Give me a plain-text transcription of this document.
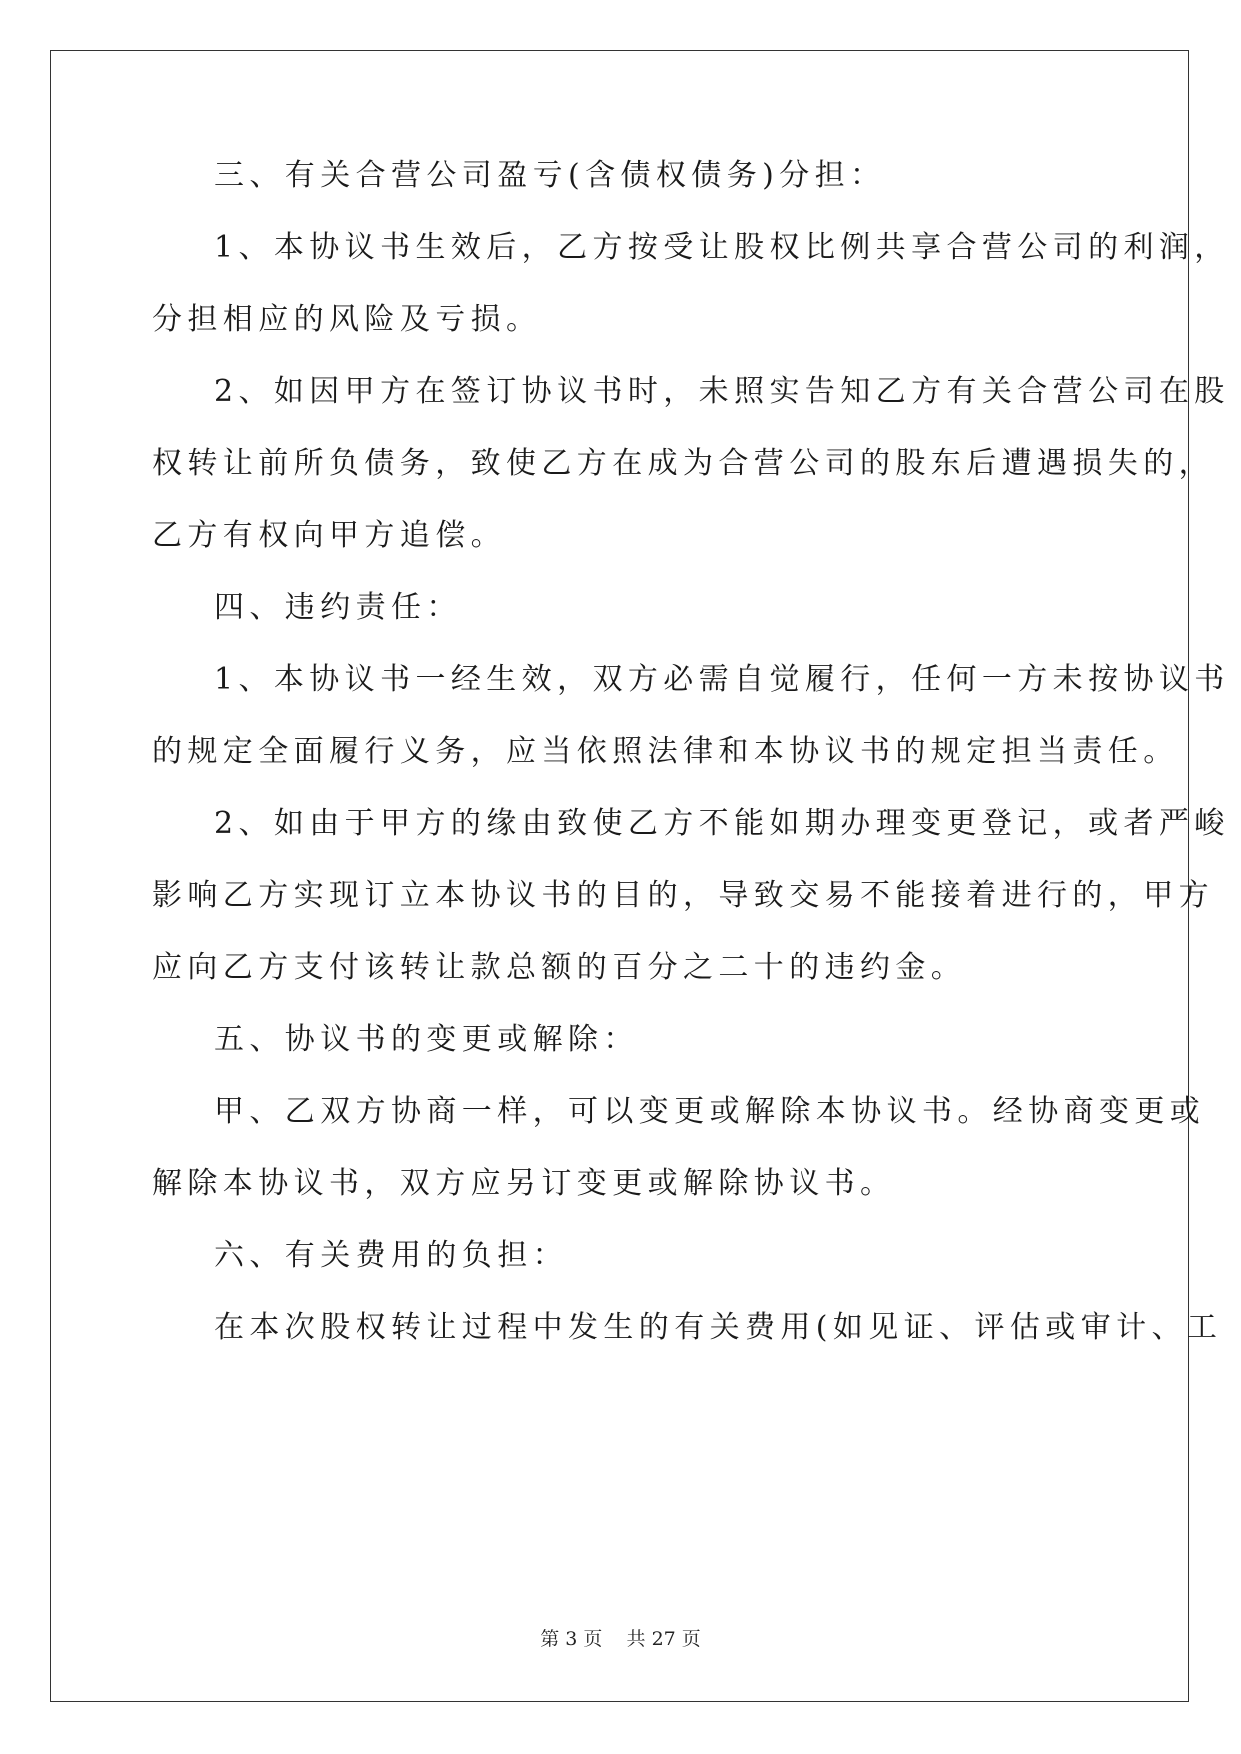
三、有关合营公司盈亏(含债权债务)分担：
1、本协议书生效后，乙方按受让股权比例共享合营公司的利润，
分担相应的风险及亏损。
2、如因甲方在签订协议书时，未照实告知乙方有关合营公司在股
权转让前所负债务，致使乙方在成为合营公司的股东后遭遇损失的，
乙方有权向甲方追偿。
四、违约责任：
1、本协议书一经生效，双方必需自觉履行，任何一方未按协议书
的规定全面履行义务，应当依照法律和本协议书的规定担当责任。
2、如由于甲方的缘由致使乙方不能如期办理变更登记，或者严峻
影响乙方实现订立本协议书的目的，导致交易不能接着进行的，甲方
应向乙方支付该转让款总额的百分之二十的违约金。
五、协议书的变更或解除：
甲、乙双方协商一样，可以变更或解除本协议书。经协商变更或
解除本协议书，双方应另订变更或解除协议书。
六、有关费用的负担：
在本次股权转让过程中发生的有关费用(如见证、评估或审计、工
第 3 页    共 27 页
